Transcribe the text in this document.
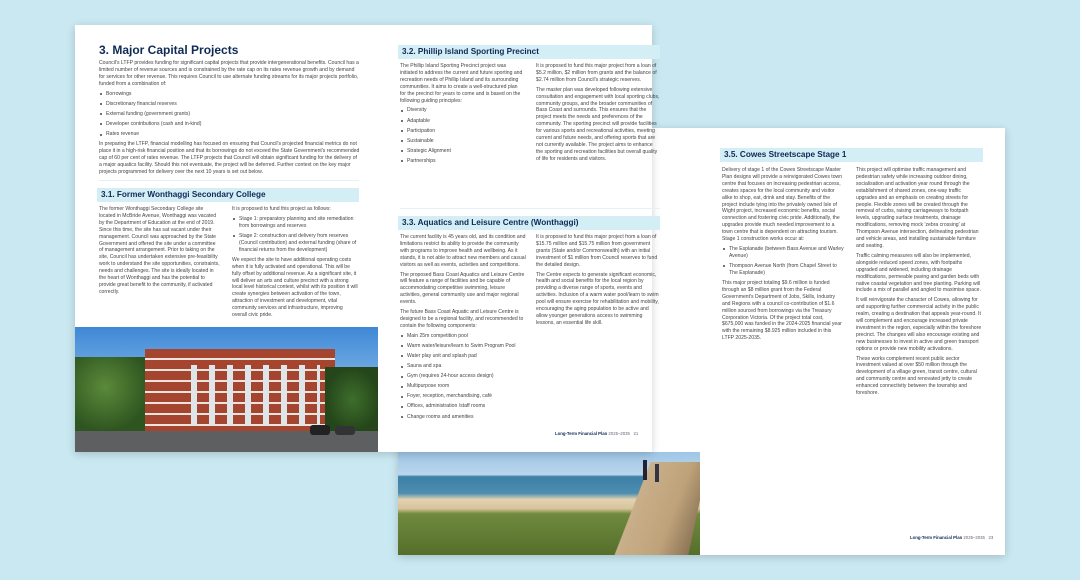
3.5. Cowes Streetscape Stage 1

Delivery of stage 1 of the Cowes Streetscape Master Plan designs will provide a reinvigorated Cowes town centre that focuses on increasing pedestrian access, creates spaces for the local community and visitor alike to shop, eat, drink and stay. Benefits of the project include tying into the privately owned Isle of Wight project, increased economic benefits, social connection and fostering civic pride. Additionally, the upgrades provide much needed improvement to a town centre that is dependent on attracting tourism. Stage 1 construction works occur at:

The Esplanade (between Bass Avenue and Warley Avenue)
Thompson Avenue North (from Chapel Street to The Esplanade)

This major project totaling $9.6 million is funded through an $8 million grant from the Federal Government's Department of Jobs, Skills, Industry and Regions with a council co-contribution of $1.6 million sourced from borrowings via the Treasury Corporation Victoria. Of the project total cost, $675,000 was funded in the 2024-2025 financial year with the remaining $8.925 million included in this LTFP 2025-2035.

This project will optimise traffic management and pedestrian safety while increasing outdoor dining, socialisation and activation year round through the establishment of shared zones, one-way traffic upgrades and an emphasis on creating streets for people. Flexible zones will be created through the removal of curbs, raising carriageways to footpath levels, upgrading surface treatments, drainage modifications, removing mock 'zebra crossing' at Thompson Avenue intersection, delineating pedestrian and vehicle areas, and installing sustainable furniture and seating.

Traffic calming measures will also be implemented, alongside reduced speed zones, with footpaths upgraded and widened, including drainage modifications, permeable paving and garden beds with native coastal vegetation and tree planting. Parking will include a mix of parallel and angled to maximise space.

It will reinvigorate the character of Cowes, allowing for and supporting further commercial activity in the public realm, creating a destination that appeals year-round. It will complement and encourage increased private investment in the region, especially within the foreshore precinct. The changes will also encourage existing and new businesses to invest in active and green transport options or provide new mobility activations.

These works complement recent public sector investment valued at over $50 million through the development of a village green, transit centre, cultural and community centre and renovated jetty to create enhanced connectivity between the township and foreshore.

Long-Term Financial Plan 2025–2035 23
3. Major Capital Projects

Council's LTFP provides funding for significant capital projects that provide intergenerational benefits. Council has a limited number of revenue sources and is constrained by the rate cap on its rates revenue growth and by demand for services for other revenue. This requires Council to use alternate funding streams for its major projects portfolio, funded from a combination of:

Borrowings
Discretionary financial reserves
External funding (government grants)
Developer contributions (cash and in-kind)
Rates revenue

In preparing the LTFP, financial modelling has focused on ensuring that Council's projected financial metrics do not place it in a high-risk financial position and that its borrowings do not exceed the State Government's recommended cap of 60 per cent of rates revenue. The LTFP projects that Council will obtain significant funding for the delivery of a major aquatics facility. Should this not eventuate, the project will be deferred. Further context on the key major projects programmed for delivery over the next 10 years is set out below.

3.1. Former Wonthaggi Secondary College

The former Wonthaggi Secondary College site located in McBride Avenue, Wonthaggi was vacated by the Department of Education at the end of 2019. Since this time, the site has sat vacant under their management. Council was approached by the State Government and offered the site under a committee of management arrangement. Prior to taking on the site, Council has undertaken extensive pre-feasibility work to understand the site opportunities, constraints, needs and challenges. The site is ideally located in the heart of Wonthaggi and has the potential to provide great benefit to the community, if activated correctly.

It is proposed to fund this project as follows:

Stage 1: preparatory planning and site remediation from borrowings and reserves
Stage 2: construction and delivery from reserves (Council contribution) and external funding (share of financial returns from the development)

We expect the site to have additional operating costs when it is fully activated and operational. This will be fully offset by additional revenue. As a significant site, it will deliver an arts and culture precinct with a strong local level historical context, whilst with its position it will create synergies between activation of the town, attraction of investment and development, vital community services and infrastructure, improving overall civic pride.

3.2. Phillip Island Sporting Precinct

The Phillip Island Sporting Precinct project was initiated to address the current and future sporting and recreation needs of Phillip Island and its surrounding communities. It aims to create a well-structured plan for the precinct for years to come and is based on the following guiding principles:

Diversity
Adaptable
Participation
Sustainable
Strategic Alignment
Partnerships

It is proposed to fund this major project from a loan of $5.2 million, $2 million from grants and the balance of $2.74 million from Council's strategic reserves.

The master plan was developed following extensive consultation and engagement with local sporting clubs, community groups, and the broader communities of Bass Coast and surrounds. This ensures that the project meets the needs and preferences of the community. The sporting precinct will provide facilities for various sports and recreational activities, meeting current and future needs, and offering sports that are not currently available. The project aims to enhance the sporting and recreation facilities but overall quality of life for residents and visitors.

3.3. Aquatics and Leisure Centre (Wonthaggi)

The current facility is 45 years old, and its condition and limitations restrict its ability to provide the community with programs to improve health and wellbeing. As it stands, it is not able to attract new members and casual visitors as well as events, activities and competitions.

The proposed Bass Coast Aquatics and Leisure Centre will feature a range of facilities and be capable of accommodating competitive swimming, leisure activities, general community use and major regional events.

The future Bass Coast Aquatic and Leisure Centre is designed to be a regional facility, and recommended to contain the following components:

Main 25m competition pool
Warm water/leisure/learn to Swim Program Pool
Water play unit and splash pad
Sauna and spa
Gym (requires 24-hour access design)
Multipurpose room
Foyer, reception, merchandising, café
Offices, administration /staff rooms
Change rooms and amenities

It is proposed to fund this major project from a loan of $15.75 million and $15.75 million from government grants (State and/or Commonwealth) with an initial investment of $1 million from Council reserves to fund the detailed design.

The Centre expects to generate significant economic, health and social benefits for the local region by providing a diverse range of sports, events and activities. Inclusion of a warm water pool/learn to swim pool will ensure exercise for rehabilitation and mobility, encouraging the aging population to be active and allow younger generations access to swimming lessons, an essential life skill.

Long-Term Financial Plan 2025–2035 21
